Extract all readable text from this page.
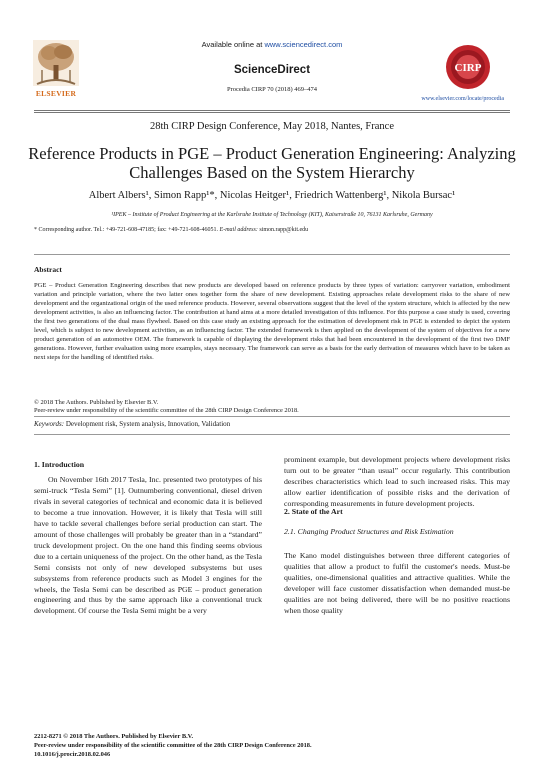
Available online at www.sciencedirect.com
ScienceDirect
Procedia CIRP 70 (2018) 469–474
www.elsevier.com/locate/procedia
ELSEVIER
CIRP
28th CIRP Design Conference, May 2018, Nantes, France
Reference Products in PGE – Product Generation Engineering: Analyzing Challenges Based on the System Hierarchy
Albert Albers¹, Simon Rapp¹*, Nicolas Heitger¹, Friedrich Wattenberg¹, Nikola Bursac¹
¹IPEK – Institute of Product Engineering at the Karlsruhe Institute of Technology (KIT), Kaiserstraße 10, 76131 Karlsruhe, Germany
* Corresponding author. Tel.: +49-721-608-47185; fax: +49-721-608-46051. E-mail address: simon.rapp@kit.edu
Abstract
PGE – Product Generation Engineering describes that new products are developed based on reference products by three types of variation: carryover variation, embodiment variation and principle variation, where the two latter ones together form the share of new development. Existing approaches relate development risks to the share of new development and the organizational origin of the used reference products. However, several observations suggest that the level of the system structure, which is affected by the new development activities, is also an influencing factor. The contribution at hand aims at a more detailed investigation of this influence. For this purpose a case study is used, covering the first two generations of the dual mass flywheel. Based on this case study an existing approach for the estimation of development risk in PGE is extended to depict the system level, which is subject to new development activities, as an influencing factor. The extended framework is then applied on the development of the system of objectives for a new product generation of an automotive OEM. The framework is capable of displaying the development risks that had been encountered in the development of the first two DMF generations. However, further evaluation using more examples, stays necessary. The framework can serve as a basis for the early derivation of measures which have to be taken as next steps for the handling of identified risks.
© 2018 The Authors. Published by Elsevier B.V.
Peer-review under responsibility of the scientific committee of the 28th CIRP Design Conference 2018.
Keywords: Development risk, System analysis, Innovation, Validation
1. Introduction
On November 16th 2017 Tesla, Inc. presented two prototypes of his semi-truck “Tesla Semi” [1]. Outnumbering conventional, diesel driven rivals in several categories of technical and economic data it is believed to become a true innovation. However, it is likely that Tesla will still have to tackle several challenges before serial production can start. The amount of those challenges will probably be greater than in a “standard” truck development project. On the one hand this finding seems obvious due to a certain uniqueness of the project. On the other hand, as the Tesla Semi consists not only of new developed subsystems but uses subsystems from reference products such as Model 3 engines for the wheels, the Tesla Semi can be described as PGE – product generation engineering and thus by the same approach like a conventional truck development. Of course the Tesla Semi might be a very
prominent example, but development projects where development risks turn out to be greater “than usual” occur regularly. This contribution describes characteristics which lead to such increased risks. This may allow earlier identification of possible risks and the derivation of corresponding measurements in future development projects.
2. State of the Art
2.1. Changing Product Structures and Risk Estimation
The Kano model distinguishes between three different categories of qualities that allow a product to fulfil the customer's needs. Must-be qualities, one-dimensional qualities and attractive qualities. While the developer will face customer dissatisfaction when demanded must-be qualities are not being delivered, there will be no positive reactions when those quality
2212-8271 © 2018 The Authors. Published by Elsevier B.V.
Peer-review under responsibility of the scientific committee of the 28th CIRP Design Conference 2018.
10.1016/j.procir.2018.02.046
